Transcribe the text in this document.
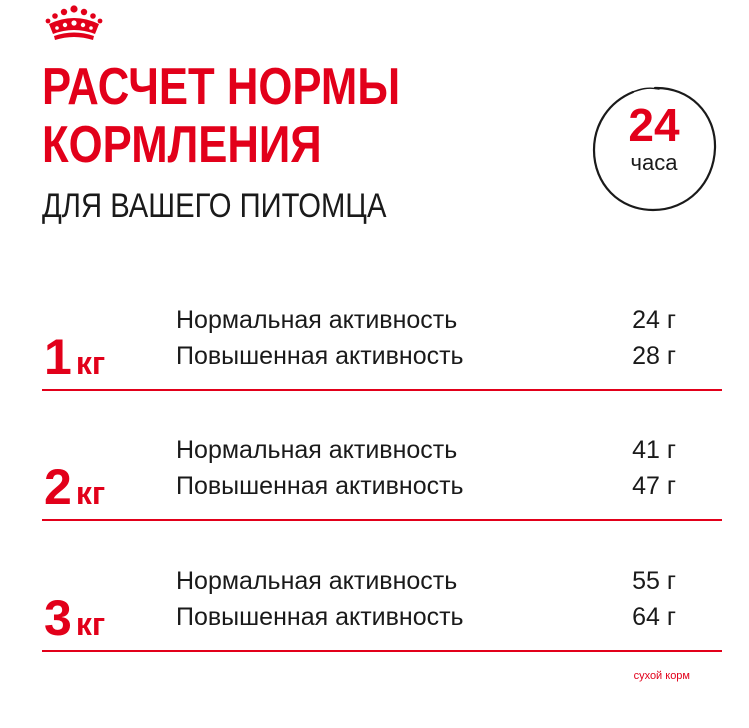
РАСЧЕТ НОРМЫ
КОРМЛЕНИЯ
ДЛЯ ВАШЕГО ПИТОМЦА
24
часа
1 кг
Нормальная активность	24 г
Повышенная активность	28 г
2 кг
Нормальная активность	41 г
Повышенная активность	47 г
3 кг
Нормальная активность	55 г
Повышенная активность	64 г
сухой корм
